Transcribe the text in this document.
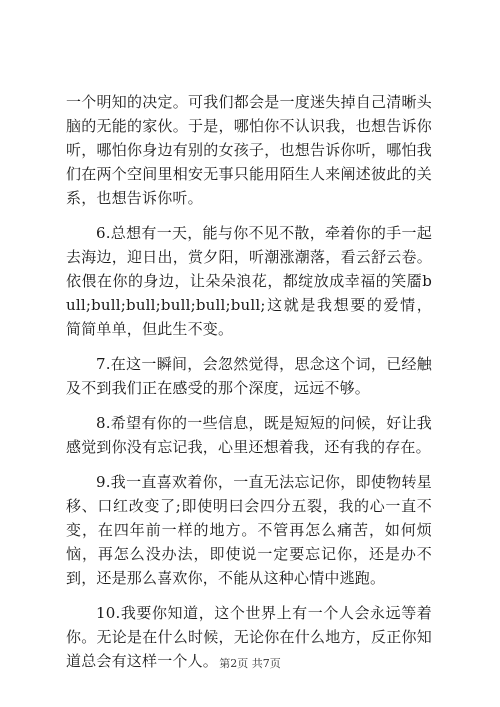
一个明知的决定。可我们都会是一度迷失掉自己清晰头脑的无能的家伙。于是，哪怕你不认识我，也想告诉你听，哪怕你身边有别的女孩子，也想告诉你听，哪怕我们在两个空间里相安无事只能用陌生人来阐述彼此的关系，也想告诉你听。

6.总想有一天，能与你不见不散，牵着你的手一起去海边，迎日出，赏夕阳，听潮涨潮落，看云舒云卷。依偎在你的身边，让朵朵浪花，都绽放成幸福的笑靥bull;bull;bull;bull;bull;bull;这就是我想要的爱情，简简单单，但此生不变。

7.在这一瞬间，会忽然觉得，思念这个词，已经触及不到我们正在感受的那个深度，远远不够。

8.希望有你的一些信息，既是短短的问候，好让我感觉到你没有忘记我，心里还想着我，还有我的存在。

9.我一直喜欢着你，一直无法忘记你，即使物转星移、口红改变了;即使明曰会四分五裂，我的心一直不变，在四年前一样的地方。不管再怎么痛苦，如何烦恼，再怎么没办法，即使说一定要忘记你，还是办不到，还是那么喜欢你，不能从这种心情中逃跑。

10.我要你知道，这个世界上有一个人会永远等着你。无论是在什么时候，无论你在什么地方，反正你知道总会有这样一个人。 第2页 共7页
